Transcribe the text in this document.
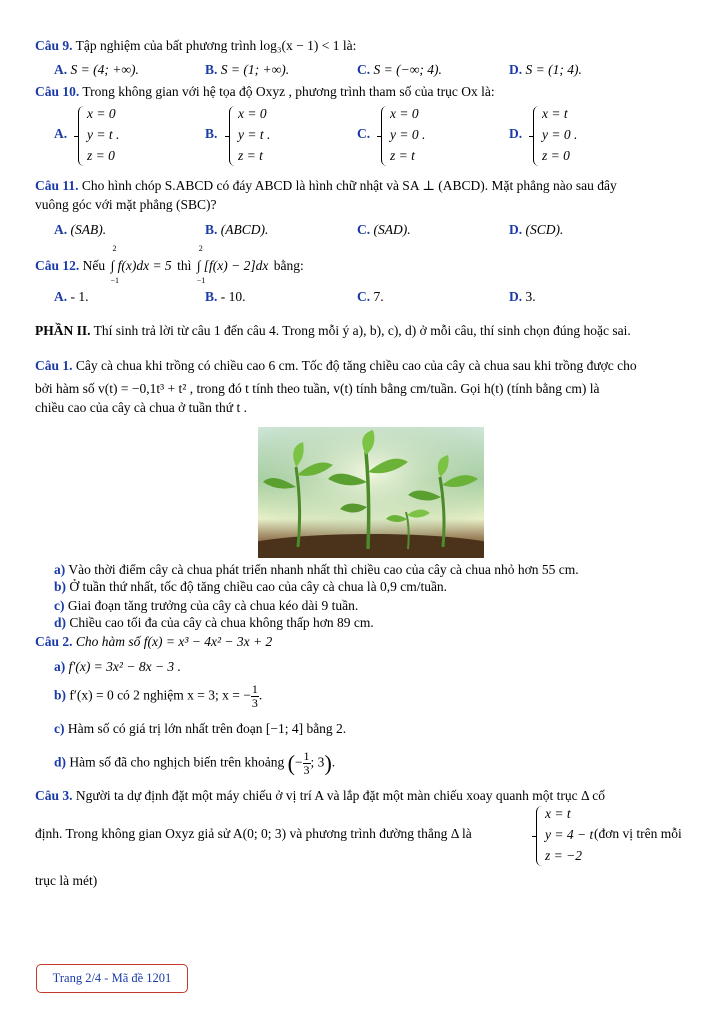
Câu 9. Tập nghiệm của bất phương trình log₃(x − 1) < 1 là:
A. S = (4; +∞).	B. S = (1; +∞).	C. S = (−∞; 4).	D. S = (1; 4).
Câu 10. Trong không gian với hệ tọa độ Oxyz , phương trình tham số của trục Ox là:
A.
x = 0
y = t .
z = 0
B.
x = 0
y = t .
z = t
C.
x = 0
y = 0 .
z = t
D.
x = t
y = 0 .
z = 0
Câu 11. Cho hình chóp S.ABCD có đáy ABCD là hình chữ nhật và SA ⊥ (ABCD). Mặt phẳng nào sau đây
vuông góc với mặt phẳng (SBC)?
A. (SAB).	B. (ABCD).	C. (SAD).	D. (SCD).
Câu 12. Nếu
2
∫ f(x)dx = 5
−1
thì
2
∫ [f(x) − 2]dx
−1
bằng:
A. - 1.	B. - 10.	C. 7.	D. 3.
PHẦN II. Thí sinh trả lời từ câu 1 đến câu 4. Trong mỗi ý a), b), c), d) ở mỗi câu, thí sinh chọn đúng hoặc sai.
Câu 1. Cây cà chua khi trồng có chiều cao 6 cm. Tốc độ tăng chiều cao của cây cà chua sau khi trồng được cho
bởi hàm số v(t) = −0,1t³ + t² , trong đó t tính theo tuần, v(t) tính bằng cm/tuần. Gọi h(t) (tính bằng cm) là
chiều cao của cây cà chua ở tuần thứ t .
a) Vào thời điểm cây cà chua phát triển nhanh nhất thì chiều cao của cây cà chua nhỏ hơn 55 cm.
b) Ở tuần thứ nhất, tốc độ tăng chiều cao của cây cà chua là 0,9 cm/tuần.
c) Giai đoạn tăng trưởng của cây cà chua kéo dài 9 tuần.
d) Chiều cao tối đa của cây cà chua không thấp hơn 89 cm.
Câu 2. Cho hàm số f(x) = x³ − 4x² − 3x + 2
a) f′(x) = 3x² − 8x − 3 .
b) f′(x) = 0 có 2 nghiệm x = 3; x = − $\frac{1}{3}$ .
c) Hàm số có giá trị lớn nhất trên đoạn [−1; 4] bằng 2.
d) Hàm số đã cho nghịch biến trên khoảng (− $\frac{1}{3}$ ; 3).
Câu 3. Người ta dự định đặt một máy chiếu ở vị trí A và lắp đặt một màn chiếu xoay quanh một trục Δ cố
định. Trong không gian Oxyz giả sử A(0; 0; 3) và phương trình đường thẳng Δ là
x = t
y = 4 − t
z = −2
(đơn vị trên mỗi
trục là mét)
Trang 2/4 - Mã đề 1201
